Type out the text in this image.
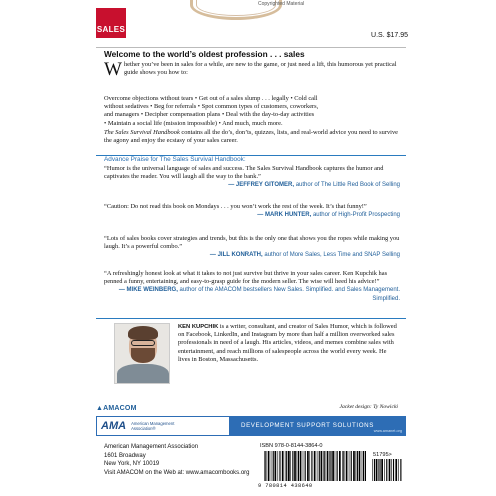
SALES
Copyrighted Material
U.S. $17.95
Welcome to the world’s oldest profession . . . sales
Whether you’ve been in sales for a while, are new to the game, or just need a lift, this humorous yet practical guide shows you how to:

Overcome objections without tears • Get out of a sales slump . . . legally • Cold call

without sedatives • Beg for referrals • Spot common types of customers, coworkers,

and managers • Decipher compensation plans • Deal with the day-to-day activities

• Maintain a social life (mission impossible) • And much, much more.

The Sales Survival Handbook contains all the do’s, don’ts, quizzes, lists, and real-world advice you need to survive the agony and enjoy the ecstasy of your sales career.
Advance Praise for The Sales Survival Handbook:

“Humor is the universal language of sales and success. The Sales Survival Handbook captures the humor and captivates the reader. You will laugh all the way to the bank.”

— JEFFREY GITOMER, author of The Little Red Book of Selling

“Caution: Do not read this book on Mondays . . . you won’t work the rest of the week. It’s that funny!”

— MARK HUNTER, author of High-Profit Prospecting

“Lots of sales books cover strategies and trends, but this is the only one that shows you the ropes while making you laugh. It’s a powerful combo.”

— JILL KONRATH, author of More Sales, Less Time and SNAP Selling

“A refreshingly honest look at what it takes to not just survive but thrive in your sales career. Ken Kupchik has penned a funny, entertaining, and easy-to-grasp guide for the modern seller. The wise will heed his advice!”

— MIKE WEINBERG, author of the AMACOM bestsellers New Sales. Simplified. and Sales Management. Simplified.

KEN KUPCHIK is a writer, consultant, and creator of Sales Humor, which is followed on Facebook, LinkedIn, and Instagram by more than half a million overworked sales professionals in need of a laugh. His articles, videos, and memes combine sales with entertainment, and reach millions of salespeople across the world every week. He lives in Boston, Massachusetts.
Jacket design: Ty Nowicki
▲AMACOM
AMA American Management
Association®	DEVELOPMENT SUPPORT SOLUTIONS
www.amanet.org

American Management Association

1601 Broadway

New York, NY 10019

Visit AMACOM on the Web at: www.amacombooks.org

ISBN 978-0-8144-3864-0
51795>
9 780814 438640
